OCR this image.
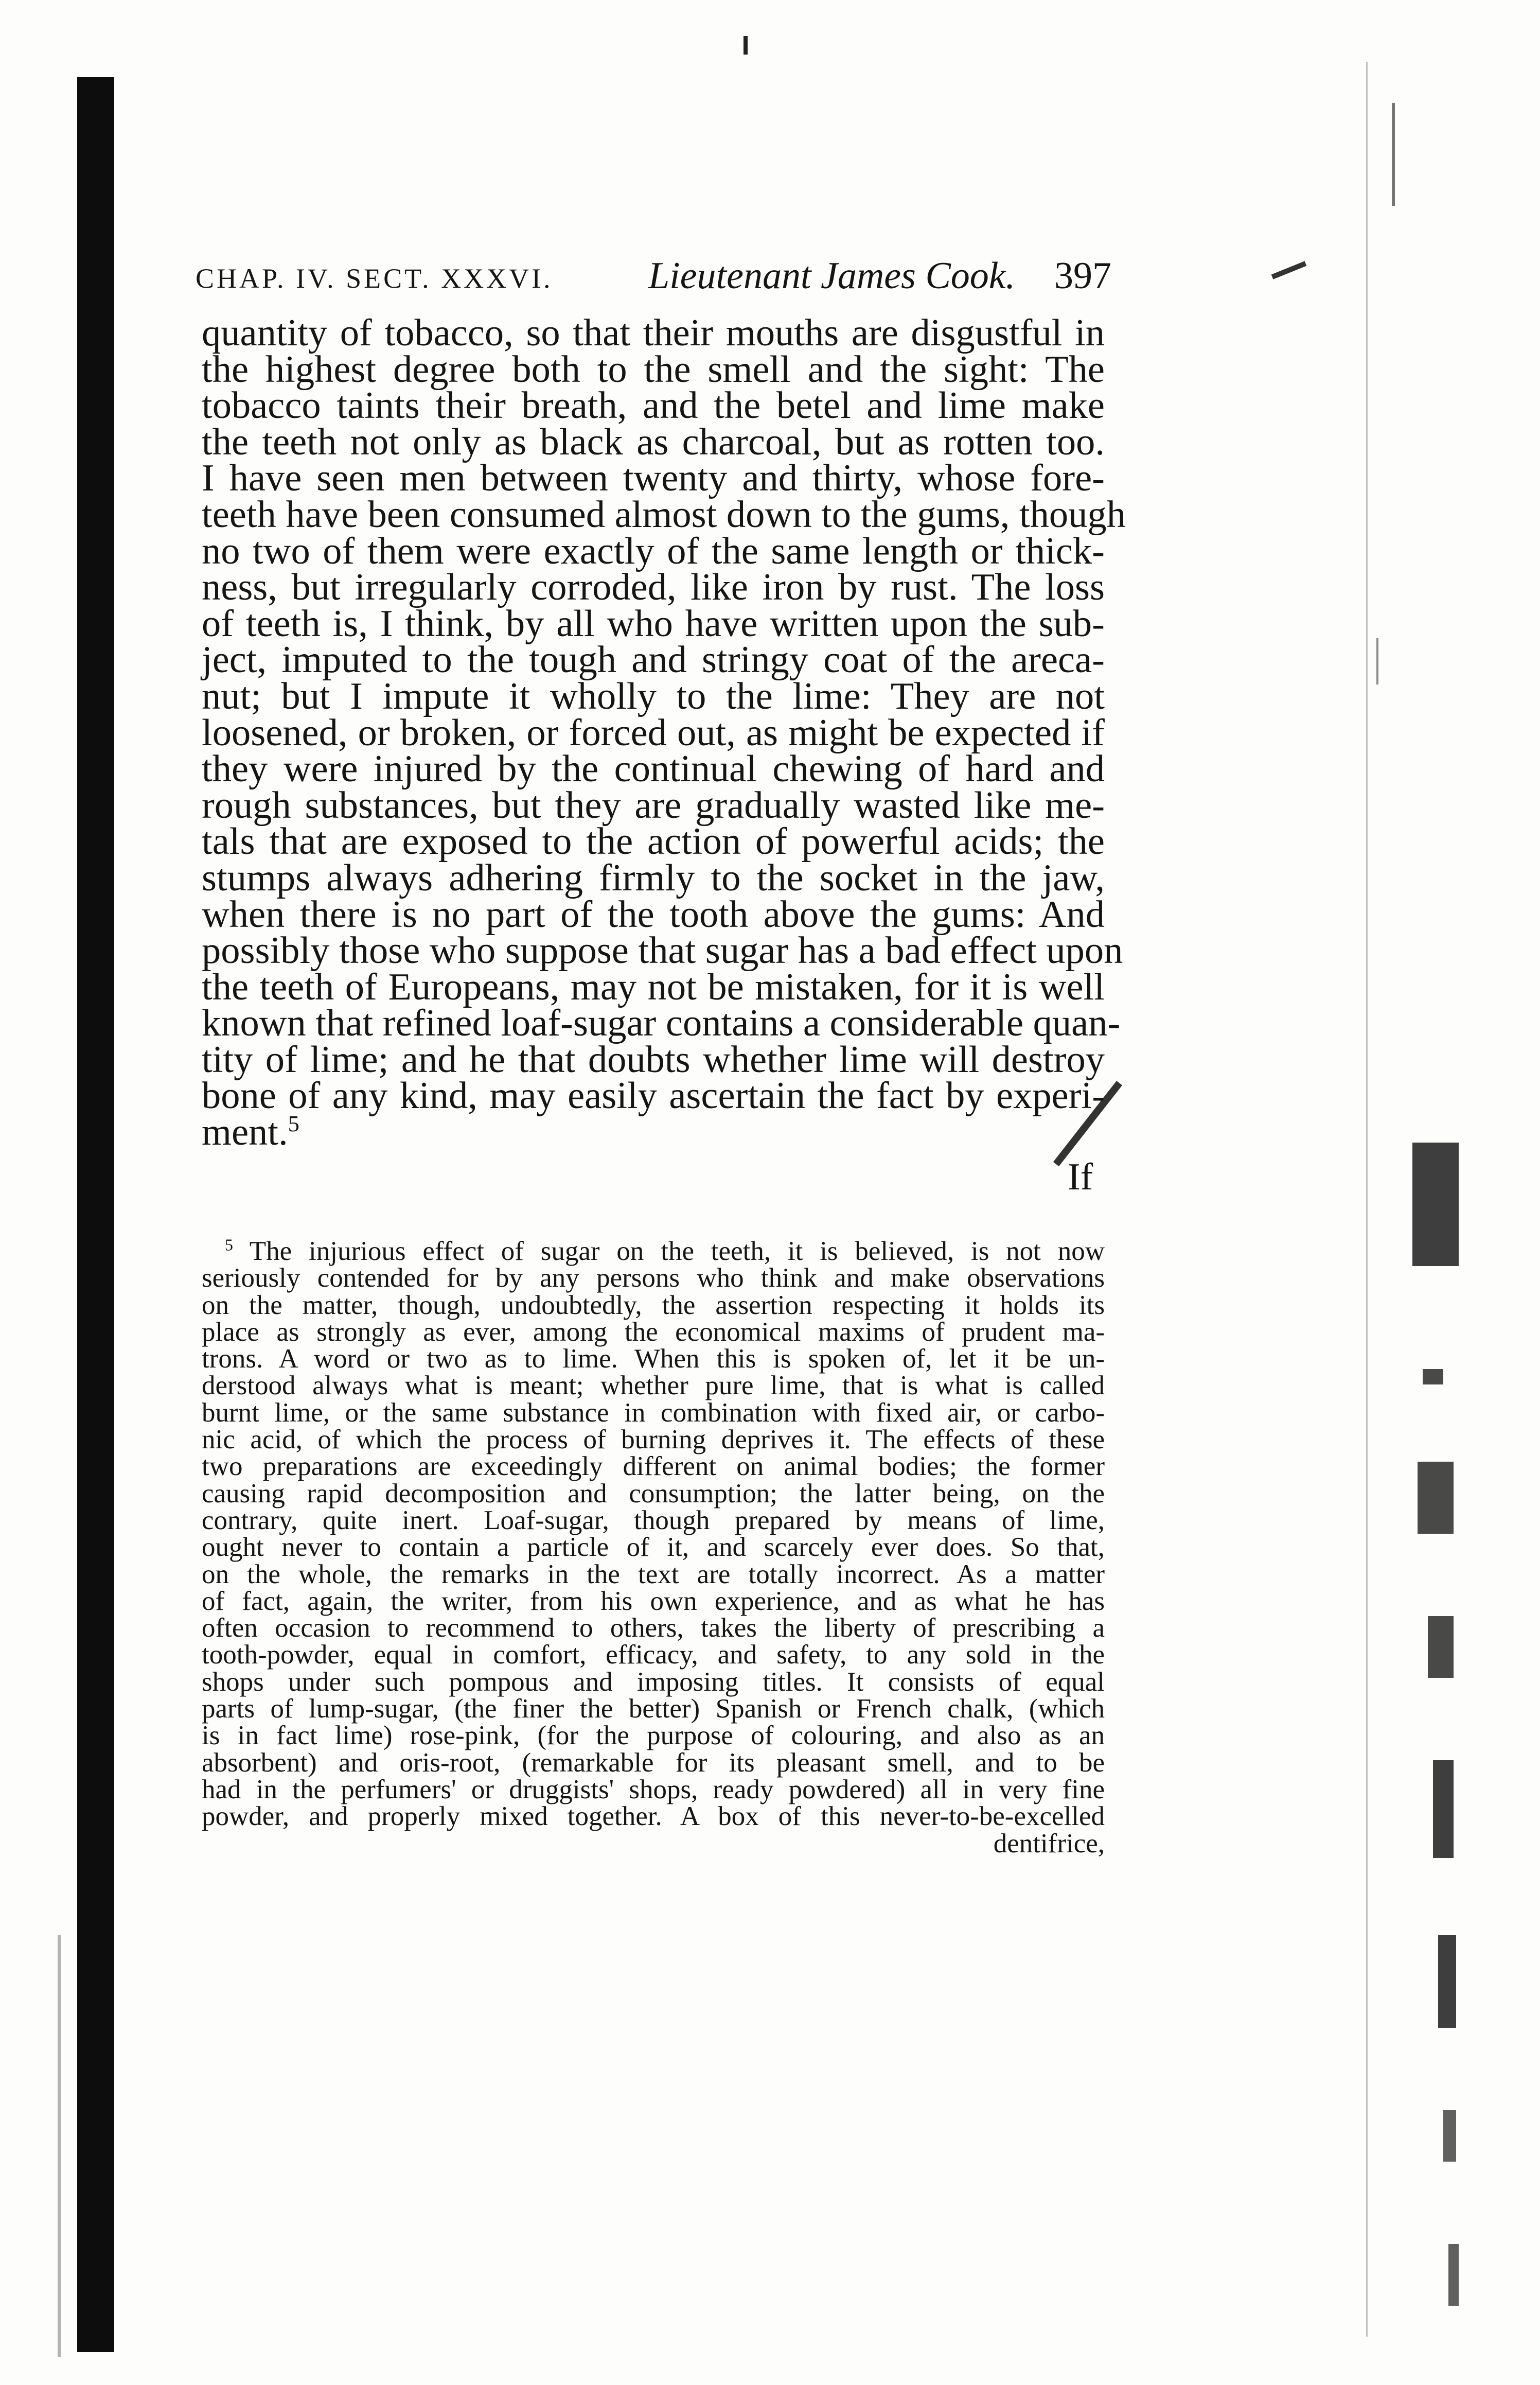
CHAP. IV. SECT. XXXVI.	Lieutenant James Cook. 397
quantity of tobacco, so that their mouths are disgustful in
the highest degree both to the smell and the sight: The
tobacco taints their breath, and the betel and lime make
the teeth not only as black as charcoal, but as rotten too.
I have seen men between twenty and thirty, whose fore-
teeth have been consumed almost down to the gums, though
no two of them were exactly of the same length or thick-
ness, but irregularly corroded, like iron by rust. The loss
of teeth is, I think, by all who have written upon the sub-
ject, imputed to the tough and stringy coat of the areca-
nut; but I impute it wholly to the lime: They are not
loosened, or broken, or forced out, as might be expected if
they were injured by the continual chewing of hard and
rough substances, but they are gradually wasted like me-
tals that are exposed to the action of powerful acids; the
stumps always adhering firmly to the socket in the jaw,
when there is no part of the tooth above the gums: And
possibly those who suppose that sugar has a bad effect upon
the teeth of Europeans, may not be mistaken, for it is well
known that refined loaf-sugar contains a considerable quan-
tity of lime; and he that doubts whether lime will destroy
bone of any kind, may easily ascertain the fact by experi-
ment.$^5$
If
$^5$ The injurious effect of sugar on the teeth, it is believed, is not now
seriously contended for by any persons who think and make observations
on the matter, though, undoubtedly, the assertion respecting it holds its
place as strongly as ever, among the economical maxims of prudent ma-
trons. A word or two as to lime. When this is spoken of, let it be un-
derstood always what is meant; whether pure lime, that is what is called
burnt lime, or the same substance in combination with fixed air, or carbo-
nic acid, of which the process of burning deprives it. The effects of these
two preparations are exceedingly different on animal bodies; the former
causing rapid decomposition and consumption; the latter being, on the
contrary, quite inert. Loaf-sugar, though prepared by means of lime,
ought never to contain a particle of it, and scarcely ever does. So that,
on the whole, the remarks in the text are totally incorrect. As a matter
of fact, again, the writer, from his own experience, and as what he has
often occasion to recommend to others, takes the liberty of prescribing a
tooth-powder, equal in comfort, efficacy, and safety, to any sold in the
shops under such pompous and imposing titles. It consists of equal
parts of lump-sugar, (the finer the better) Spanish or French chalk, (which
is in fact lime) rose-pink, (for the purpose of colouring, and also as an
absorbent) and oris-root, (remarkable for its pleasant smell, and to be
had in the perfumers' or druggists' shops, ready powdered) all in very fine
powder, and properly mixed together. A box of this never-to-be-excelled
dentifrice,
